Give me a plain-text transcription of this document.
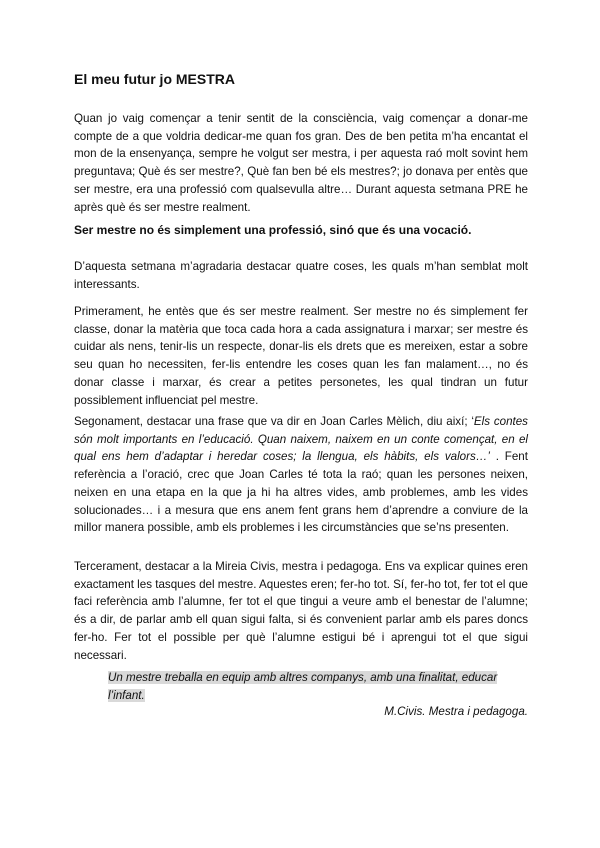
El meu futur jo MESTRA

Quan jo vaig començar a tenir sentit de la consciència, vaig començar a donar-me compte de a que voldria dedicar-me quan fos gran. Des de ben petita m’ha encantat el mon de la ensenyança, sempre he volgut ser mestra, i per aquesta raó molt sovint hem preguntava; Què és ser mestre?, Què fan ben bé els mestres?; jo donava per entès que ser mestre, era una professió com qualsevulla altre… Durant aquesta setmana PRE he après què és ser mestre realment.

Ser mestre no és simplement una professió, sinó que és una vocació.

D’aquesta setmana m’agradaria destacar quatre coses, les quals m’han semblat molt interessants.

Primerament, he entès que és ser mestre realment. Ser mestre no és simplement fer classe, donar la matèria que toca cada hora a cada assignatura i marxar; ser mestre és cuidar als nens, tenir-lis un respecte, donar-lis els drets que es mereixen, estar a sobre seu quan ho necessiten, fer-lis entendre les coses quan les fan malament…, no és donar classe i marxar, és crear a petites personetes, les qual tindran un futur possiblement influenciat pel mestre.

Segonament, destacar una frase que va dir en Joan Carles Mèlich, diu així; ‘Els contes són molt importants en l’educació. Quan naixem, naixem en un conte començat, en el qual ens hem d’adaptar i heredar coses; la llengua, els hàbits, els valors…’ . Fent referència a l’oració, crec que Joan Carles té tota la raó; quan les persones neixen, neixen en una etapa en la que ja hi ha altres vides, amb problemes, amb les vides solucionades… i a mesura que ens anem fent grans hem d’aprendre a conviure de la millor manera possible, amb els problemes i les circumstàncies que se’ns presenten.

Tercerament, destacar a la Mireia Civis, mestra i pedagoga. Ens va explicar quines eren exactament les tasques del mestre. Aquestes eren; fer-ho tot. Sí, fer-ho tot, fer tot el que faci referència amb l’alumne, fer tot el que tingui a veure amb el benestar de l’alumne; és a dir, de parlar amb ell quan sigui falta, si és convenient parlar amb els pares doncs fer-ho. Fer tot el possible per què l’alumne estigui bé i aprengui tot el que sigui necessari.

Un mestre treballa en equip amb altres companys, amb una finalitat, educar l’infant.

M.Civis. Mestra i pedagoga.
